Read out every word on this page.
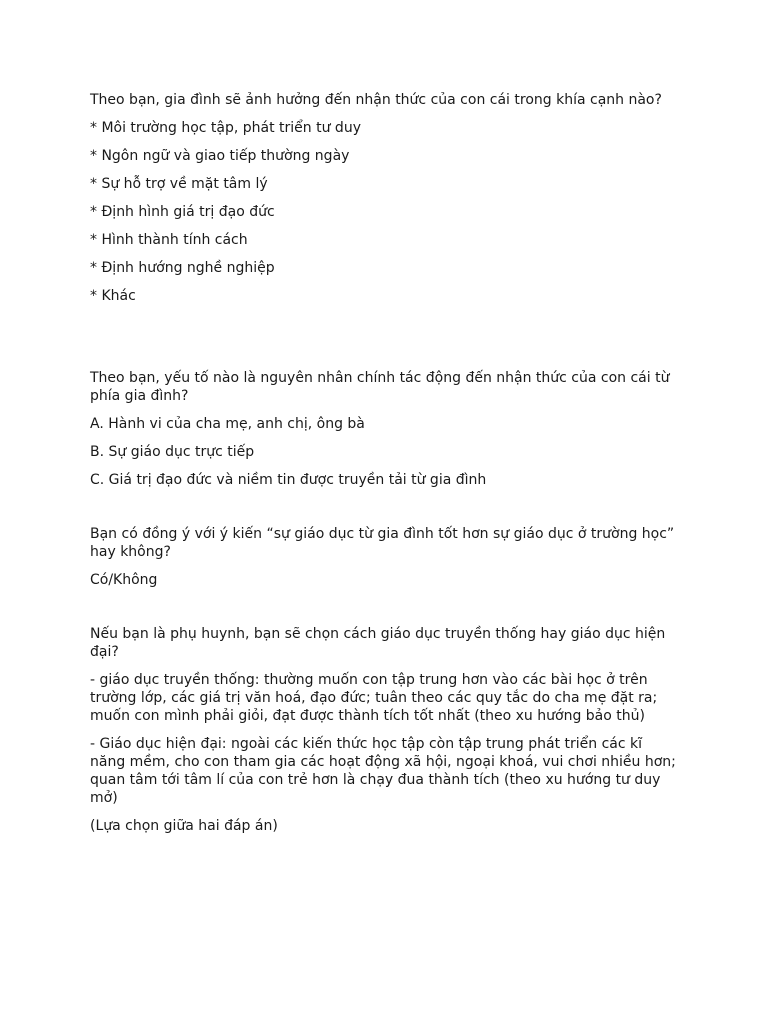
Theo bạn, gia đình sẽ ảnh hưởng đến nhận thức của con cái trong khía cạnh nào?

* Môi trường học tập, phát triển tư duy

* Ngôn ngữ và giao tiếp thường ngày

* Sự hỗ trợ về mặt tâm lý

* Định hình giá trị đạo đức

* Hình thành tính cách

* Định hướng nghề nghiệp

* Khác

Theo bạn, yếu tố nào là nguyên nhân chính tác động đến nhận thức của con cái từ phía gia đình?

A. Hành vi của cha mẹ, anh chị, ông bà

B. Sự giáo dục trực tiếp

C. Giá trị đạo đức và niềm tin được truyền tải từ gia đình

Bạn có đồng ý với ý kiến “sự giáo dục từ gia đình tốt hơn sự giáo dục ở trường học” hay không?

Có/Không

Nếu bạn là phụ huynh, bạn sẽ chọn cách giáo dục truyền thống hay giáo dục hiện đại?

- giáo dục truyền thống: thường muốn con tập trung hơn vào các bài học ở trên trường lớp, các giá trị văn hoá, đạo đức; tuân theo các quy tắc do cha mẹ đặt ra; muốn con mình phải giỏi, đạt được thành tích tốt nhất (theo xu hướng bảo thủ)

- Giáo dục hiện đại: ngoài các kiến thức học tập còn tập trung phát triển các kĩ năng mềm, cho con tham gia các hoạt động xã hội, ngoại khoá, vui chơi nhiều hơn; quan tâm tới tâm lí của con trẻ hơn là chạy đua thành tích (theo xu hướng tư duy mở)

(Lựa chọn giữa hai đáp án)
